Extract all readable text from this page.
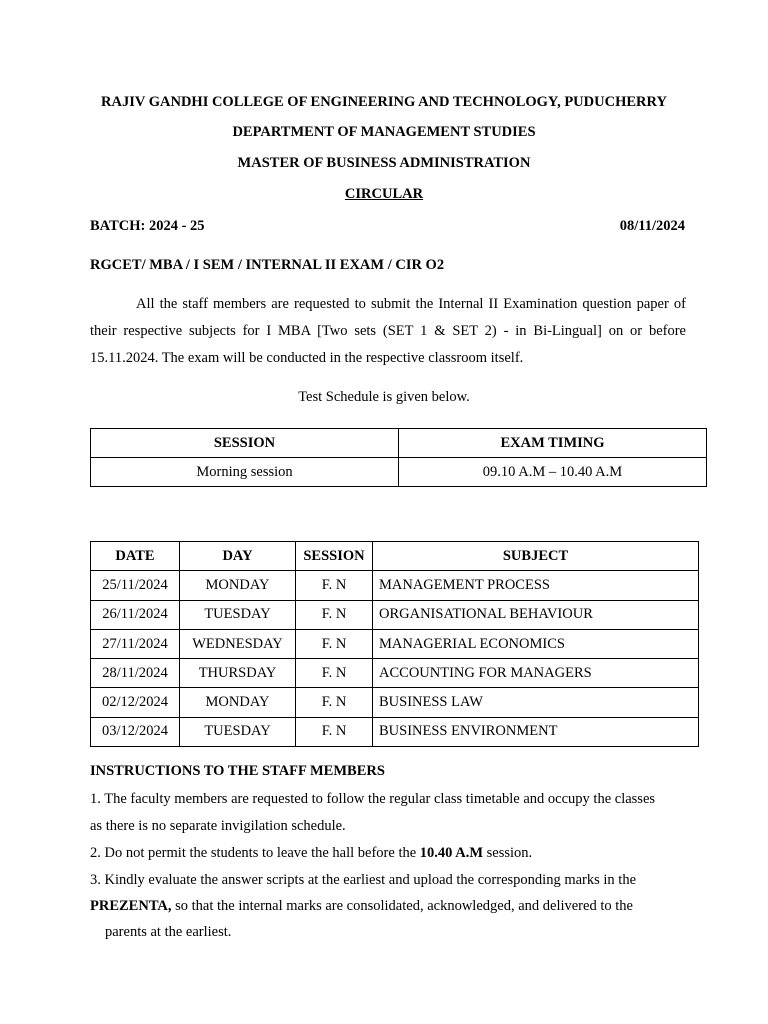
RAJIV GANDHI COLLEGE OF ENGINEERING AND TECHNOLOGY, PUDUCHERRY
DEPARTMENT OF MANAGEMENT STUDIES
MASTER OF BUSINESS ADMINISTRATION
CIRCULAR
BATCH: 2024 - 25	08/11/2024
RGCET/ MBA / I SEM / INTERNAL II EXAM / CIR O2
All the staff members are requested to submit the Internal II Examination question paper of their respective subjects for I MBA [Two sets (SET 1 & SET 2) - in Bi-Lingual] on or before 15.11.2024. The exam will be conducted in the respective classroom itself.
Test Schedule is given below.
SESSION	EXAM TIMING
Morning session	09.10 A.M – 10.40 A.M
DATE	DAY	SESSION	SUBJECT
25/11/2024	MONDAY	F. N	MANAGEMENT PROCESS
26/11/2024	TUESDAY	F. N	ORGANISATIONAL BEHAVIOUR
27/11/2024	WEDNESDAY	F. N	MANAGERIAL ECONOMICS
28/11/2024	THURSDAY	F. N	ACCOUNTING FOR MANAGERS
02/12/2024	MONDAY	F. N	BUSINESS LAW
03/12/2024	TUESDAY	F. N	BUSINESS ENVIRONMENT
INSTRUCTIONS TO THE STAFF MEMBERS
1. The faculty members are requested to follow the regular class timetable and occupy the classes
as there is no separate invigilation schedule.
2. Do not permit the students to leave the hall before the 10.40 A.M session.
3. Kindly evaluate the answer scripts at the earliest and upload the corresponding marks in the
PREZENTA, so that the internal marks are consolidated, acknowledged, and delivered to the
parents at the earliest.
